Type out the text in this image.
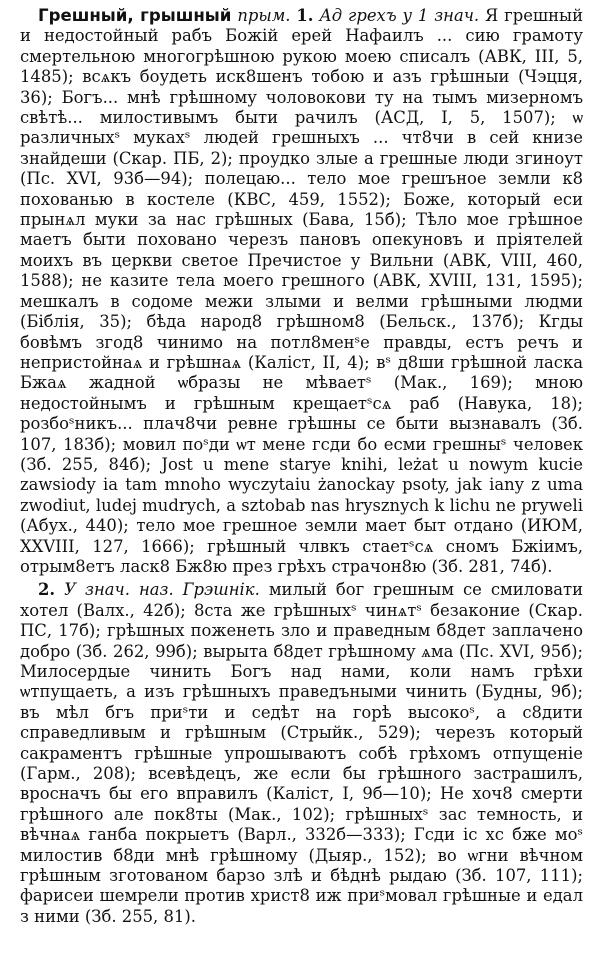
Грешный, грышный прым. 1. Ад грехъ у 1 знач. Я грешный и недостойный рабъ Божiй ерей Нафаилъ ... сию грамоту смертельною многогрѣшною рукою моею списалъ (АВК, III, 5, 1485); всѧкъ боудеть иск8шенъ тобою и азъ грѣшныи (Чэцця, 36); Богъ... мнѣ грѣшному чоловокови ту на тымъ мизерномъ свѣтѣ... милостивымъ быти рачилъ (АСД, I, 5, 1507); ѡ различныхˢ мукахˢ людей грешныхъ ... чт8чи в сей книзе знайдеши (Скар. ПБ, 2); проудко злые а грешные люди згиноут (Пс. XVI, 93б—94); полецаю... тело мое грешъное земли к8 похованью в костеле (КВС, 459, 1552); Боже, который еси прынѧл муки за нас грѣшных (Бава, 15б); Тѣло мое грѣшное маетъ быти поховано черезъ пановъ опекуновъ и прiятелей моихъ въ церкви светое Пречистое у Вильни (АВК, VIII, 460, 1588); не казите тела моего грешного (АВК, XVIII, 131, 1595); мешкалъ в содоме межи злыми и велми грѣшными людми (Бiблiя, 35); бѣда народ8 грѣшном8 (Бельск., 137б); Кгды бовѣмъ згод8 чинимо на потл8менˢе правды, естъ речъ и непристойнаѧ и грѣшнаѧ (Калiст, II, 4); вˢ д8ши грѣшной ласка Бжаѧ жадной ѡбразы не мѣваетˢ (Мак., 169); мною недостойнымъ и грѣшным крещаетˢсѧ раб (Навука, 18); розбоˢникъ... плач8чи ревне грѣшны се быти вызнавалъ (Зб. 107, 183б); мовил поˢди ѡт мене гсди бо есми грешныˢ человек (Зб. 255, 84б); Jost u mene starye knihi, leżat u nowym kucie zawsiody ia tam mnoho wyczytaiu żanockay psoty, jak iany z uma zwodiut, ludej mudrych, a sztobab nas hrysznych k lichu ne pryweli (Абух., 440); тело мое грешное земли мает быт отдано (ИЮМ, XXVIII, 127, 1666); грѣшный члвкъ стаетˢсѧ сномъ Бжiимъ, отрым8етъ ласк8 Бж8ю през грѣхъ страчон8ю (Зб. 281, 74б).

2. У знач. наз. Грэшнiк. милый бог грешным се смиловати хотел (Валх., 42б); 8ста же грѣшныхˢ чинѧтˢ безаконие (Скар. ПС, 17б); грѣшных поженеть зло и праведным б8дет заплачено добро (Зб. 262, 99б); вырыта б8дет грѣшному ѧма (Пс. XVI, 95б); Милосердые чинить Богъ над нами, коли намъ грѣхи ѡтпущаеть, а изъ грѣшныхъ праведъными чинить (Будны, 9б); въ мѣл бгъ приˢти и седѣт на горѣ высокоˢ, а с8дити справедливым и грѣшным (Стрыйк., 529); черезъ который сакраментъ грѣшные упрошываютъ собѣ грѣхомъ отпущенiе (Гарм., 208); всевѣдецъ, же если бы грѣшного застрашилъ, вросначъ бы его вправилъ (Калiст, I, 9б—10); Не хоч8 смерти грѣшного але пок8ты (Мак., 102); грѣшныхˢ зас темность, и вѣчнаѧ ганба покрыетъ (Варл., 332б—333); Гсди iс хс бже моˢ милостив б8ди мнѣ грѣшному (Дыяр., 152); во ѡгни вѣчном грѣшным зготованом барзо злѣ и бѣднѣ рыдаю (Зб. 107, 111); фарисеи шемрели против христ8 иж приˢмовал грѣшные и едал з ними (Зб. 255, 81).
